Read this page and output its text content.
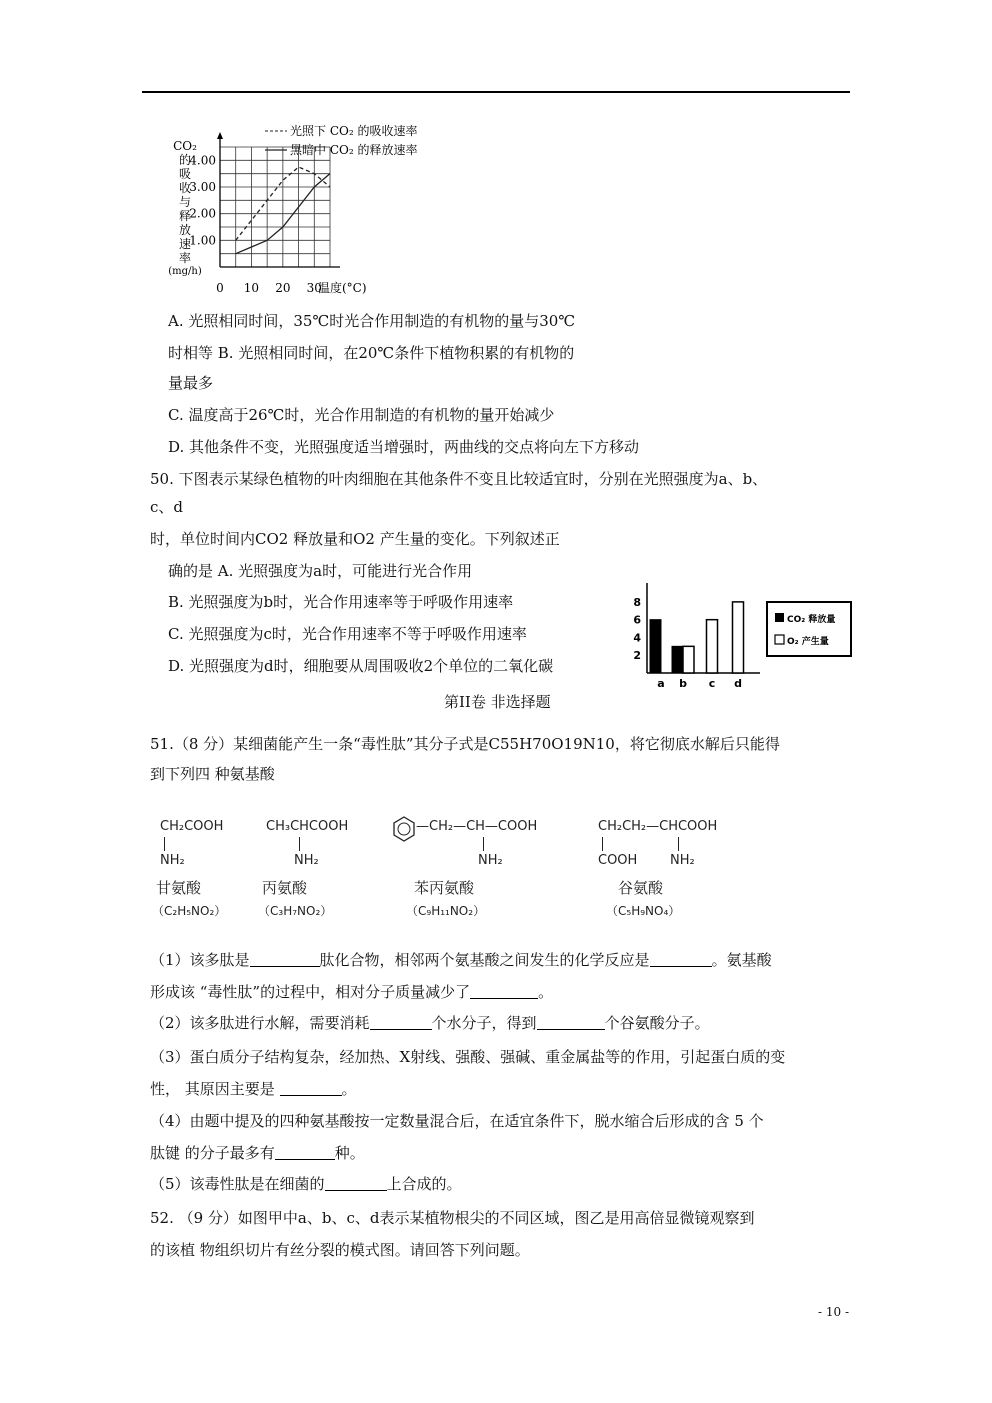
1.00
2.00
3.00
4.00
0 10 20 30
温度(°C)
光照下 CO₂ 的吸收速率
黑暗中 CO₂ 的释放速率
CO₂
的
吸
收
与
释
放
速
率
(mg/h)
A. 光照相同时间，35℃时光合作用制造的有机物的量与30℃
时相等 B. 光照相同时间，在20℃条件下植物积累的有机物的
量最多
C. 温度高于26℃时，光合作用制造的有机物的量开始减少
D. 其他条件不变，光照强度适当增强时，两曲线的交点将向左下方移动
50. 下图表示某绿色植物的叶肉细胞在其他条件不变且比较适宜时，分别在光照强度为a、b、
c、d
时，单位时间内CO2 释放量和O2 产生量的变化。下列叙述正
确的是 A. 光照强度为a时，可能进行光合作用
B. 光照强度为b时，光合作用速率等于呼吸作用速率
C. 光照强度为c时，光合作用速率不等于呼吸作用速率
D. 光照强度为d时，细胞要从周围吸收2个单位的二氧化碳
2
4
6
8
a b c d
CO₂ 释放量
O₂ 产生量
第II卷 非选择题
51.（8 分）某细菌能产生一条“毒性肽”其分子式是C55H70O19N10，将它彻底水解后只能得
到下列四 种氨基酸
CH₂COOH
NH₂
甘氨酸
（C₂H₅NO₂）
CH₃CHCOOH
NH₂
丙氨酸
（C₃H₇NO₂）
—CH₂—CH—COOH
NH₂
苯丙氨酸
（C₉H₁₁NO₂）
CH₂CH₂—CHCOOH
COOH	NH₂
谷氨酸
（C₅H₉NO₄）
（1）该多肽是	肽化合物，相邻两个氨基酸之间发生的化学反应是	。氨基酸
形成该 “毒性肽”的过程中，相对分子质量减少了	。
（2）该多肽进行水解，需要消耗	个水分子，得到	个谷氨酸分子。
（3）蛋白质分子结构复杂，经加热、X射线、强酸、强碱、重金属盐等的作用，引起蛋白质的变
性， 其原因主要是	。
（4）由题中提及的四种氨基酸按一定数量混合后，在适宜条件下，脱水缩合后形成的含 5 个
肽键 的分子最多有	种。
（5）该毒性肽是在细菌的	上合成的。
52. （9 分）如图甲中a、b、c、d表示某植物根尖的不同区域，图乙是用高倍显微镜观察到
的该植 物组织切片有丝分裂的模式图。请回答下列问题。
- 10 -
